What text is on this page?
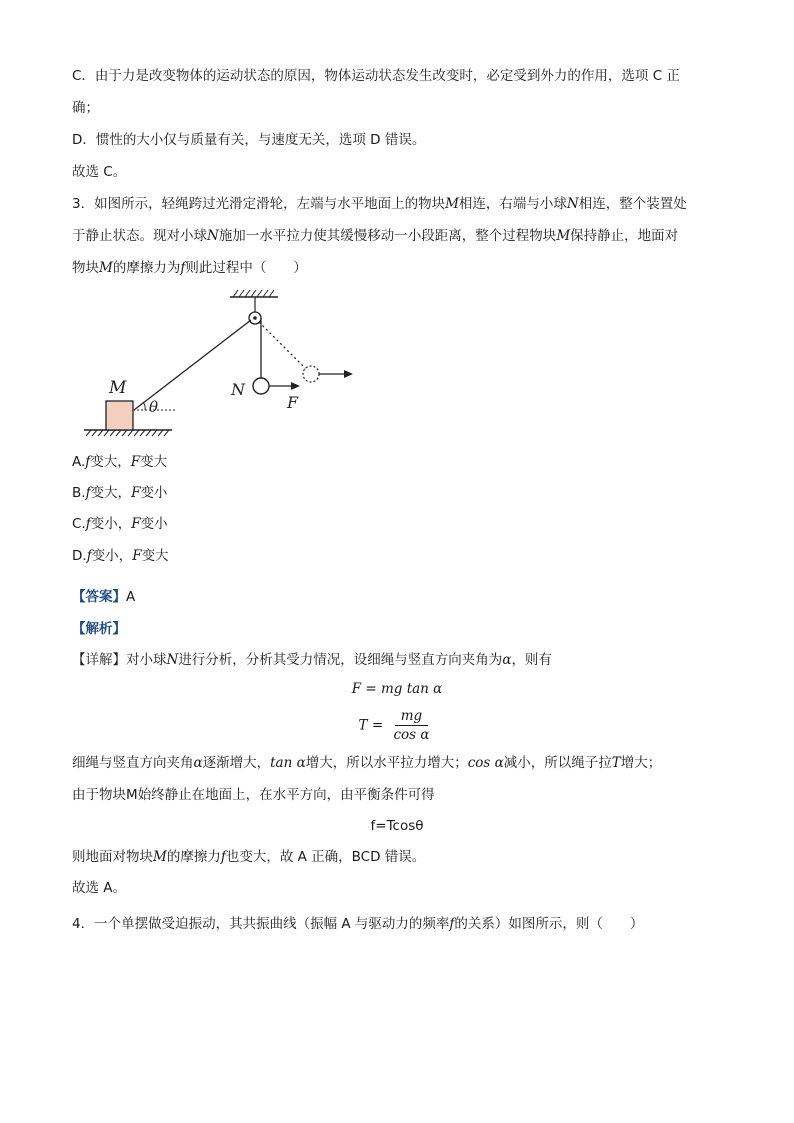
C．由于力是改变物体的运动状态的原因，物体运动状态发生改变时，必定受到外力的作用，选项 C 正
确；
D．惯性的大小仅与质量有关，与速度无关，选项 D 错误。
故选 C。
3．如图所示，轻绳跨过光滑定滑轮，左端与水平地面上的物块M相连，右端与小球N相连，整个装置处
于静止状态。现对小球N施加一水平拉力使其缓慢移动一小段距离，整个过程物块M保持静止，地面对
物块M的摩擦力为f则此过程中（　　）
M	N
F
θ
A.f变大，F变大
B.f变大，F变小
C.f变小，F变小
D.f变小，F变大
【答案】A
【解析】
【详解】对小球N进行分析，分析其受力情况，设细绳与竖直方向夹角为α，则有
F = mg tan α
$T = \frac{mg}{\text{cos α}}$
细绳与竖直方向夹角α逐渐增大，tan α增大，所以水平拉力增大；cos α减小，所以绳子拉T增大；
由于物块M始终静止在地面上，在水平方向，由平衡条件可得
f=Tcosθ
则地面对物块M的摩擦力f也变大，故 A 正确，BCD 错误。
故选 A。
4．一个单摆做受迫振动，其共振曲线（振幅 A 与驱动力的频率f的关系）如图所示，则（　　）
